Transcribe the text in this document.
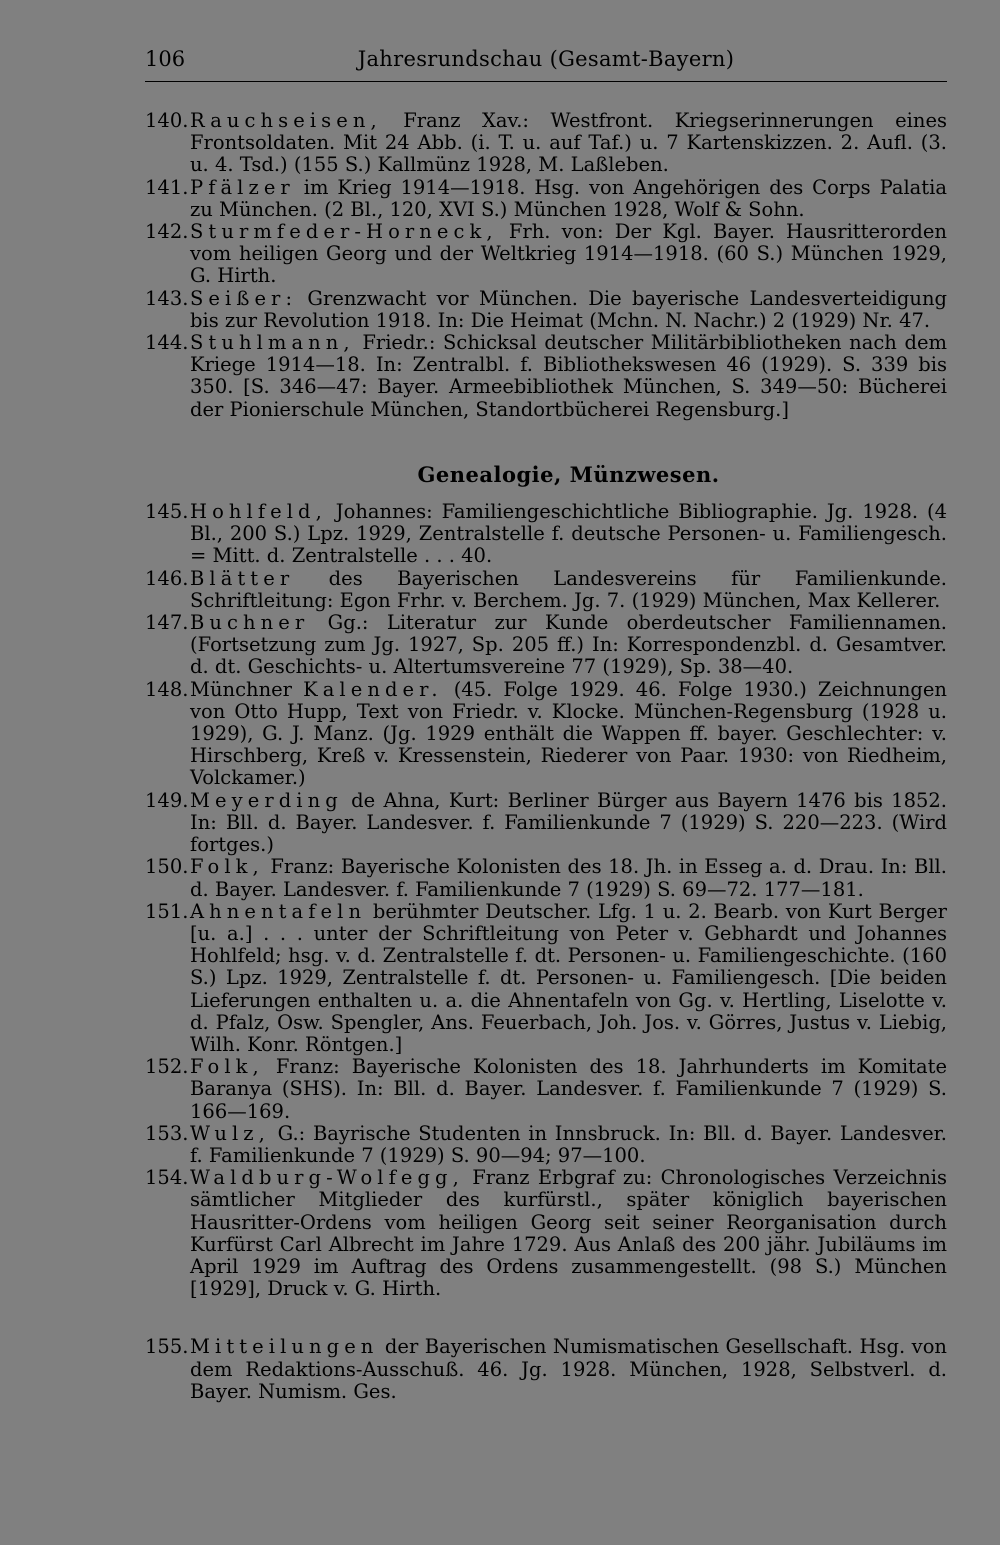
106	Jahresrundschau (Gesamt-Bayern)

140. Rauchseisen, Franz Xav.: Westfront. Kriegserinnerungen eines Frontsoldaten. Mit 24 Abb. (i. T. u. auf Taf.) u. 7 Kartenskizzen. 2. Aufl. (3. u. 4. Tsd.) (155 S.) Kallmünz 1928, M. Laßleben.

141. Pfälzer im Krieg 1914—1918. Hsg. von Angehörigen des Corps Palatia zu München. (2 Bl., 120, XVI S.) München 1928, Wolf & Sohn.

142. Sturmfeder-Horneck, Frh. von: Der Kgl. Bayer. Hausritterorden vom heiligen Georg und der Weltkrieg 1914—1918. (60 S.) München 1929, G. Hirth.

143. Seißer: Grenzwacht vor München. Die bayerische Landesverteidigung bis zur Revolution 1918. In: Die Heimat (Mchn. N. Nachr.) 2 (1929) Nr. 47.

144. Stuhlmann, Friedr.: Schicksal deutscher Militärbibliotheken nach dem Kriege 1914—18. In: Zentralbl. f. Bibliothekswesen 46 (1929). S. 339 bis 350. [S. 346—47: Bayer. Armeebibliothek München, S. 349—50: Bücherei der Pionierschule München, Standortbücherei Regensburg.]

Genealogie, Münzwesen.

145. Hohlfeld, Johannes: Familiengeschichtliche Bibliographie. Jg. 1928. (4 Bl., 200 S.) Lpz. 1929, Zentralstelle f. deutsche Personen- u. Familiengesch. = Mitt. d. Zentralstelle . . . 40.

146. Blätter des Bayerischen Landesvereins für Familienkunde. Schriftleitung: Egon Frhr. v. Berchem. Jg. 7. (1929) München, Max Kellerer.

147. Buchner Gg.: Literatur zur Kunde oberdeutscher Familiennamen. (Fortsetzung zum Jg. 1927, Sp. 205 ff.) In: Korrespondenzbl. d. Gesamtver. d. dt. Geschichts- u. Altertumsvereine 77 (1929), Sp. 38—40.

148. Münchner Kalender. (45. Folge 1929. 46. Folge 1930.) Zeichnungen von Otto Hupp, Text von Friedr. v. Klocke. München-Regensburg (1928 u. 1929), G. J. Manz. (Jg. 1929 enthält die Wappen ff. bayer. Geschlechter: v. Hirschberg, Kreß v. Kressenstein, Riederer von Paar. 1930: von Riedheim, Volckamer.)

149. Meyerding de Ahna, Kurt: Berliner Bürger aus Bayern 1476 bis 1852. In: Bll. d. Bayer. Landesver. f. Familienkunde 7 (1929) S. 220—223. (Wird fortges.)

150. Folk, Franz: Bayerische Kolonisten des 18. Jh. in Esseg a. d. Drau. In: Bll. d. Bayer. Landesver. f. Familienkunde 7 (1929) S. 69—72. 177—181.

151. Ahnentafeln berühmter Deutscher. Lfg. 1 u. 2. Bearb. von Kurt Berger [u. a.] . . . unter der Schriftleitung von Peter v. Gebhardt und Johannes Hohlfeld; hsg. v. d. Zentralstelle f. dt. Personen- u. Familiengeschichte. (160 S.) Lpz. 1929, Zentralstelle f. dt. Personen- u. Familiengesch. [Die beiden Lieferungen enthalten u. a. die Ahnentafeln von Gg. v. Hertling, Liselotte v. d. Pfalz, Osw. Spengler, Ans. Feuerbach, Joh. Jos. v. Görres, Justus v. Liebig, Wilh. Konr. Röntgen.]

152. Folk, Franz: Bayerische Kolonisten des 18. Jahrhunderts im Komitate Baranya (SHS). In: Bll. d. Bayer. Landesver. f. Familienkunde 7 (1929) S. 166—169.

153. Wulz, G.: Bayrische Studenten in Innsbruck. In: Bll. d. Bayer. Landesver. f. Familienkunde 7 (1929) S. 90—94; 97—100.

154. Waldburg-Wolfegg, Franz Erbgraf zu: Chronologisches Verzeichnis sämtlicher Mitglieder des kurfürstl., später königlich bayerischen Hausritter-Ordens vom heiligen Georg seit seiner Reorganisation durch Kurfürst Carl Albrecht im Jahre 1729. Aus Anlaß des 200 jähr. Jubiläums im April 1929 im Auftrag des Ordens zusammengestellt. (98 S.) München [1929], Druck v. G. Hirth.

155. Mitteilungen der Bayerischen Numismatischen Gesellschaft. Hsg. von dem Redaktions-Ausschuß. 46. Jg. 1928. München, 1928, Selbstverl. d. Bayer. Numism. Ges.
